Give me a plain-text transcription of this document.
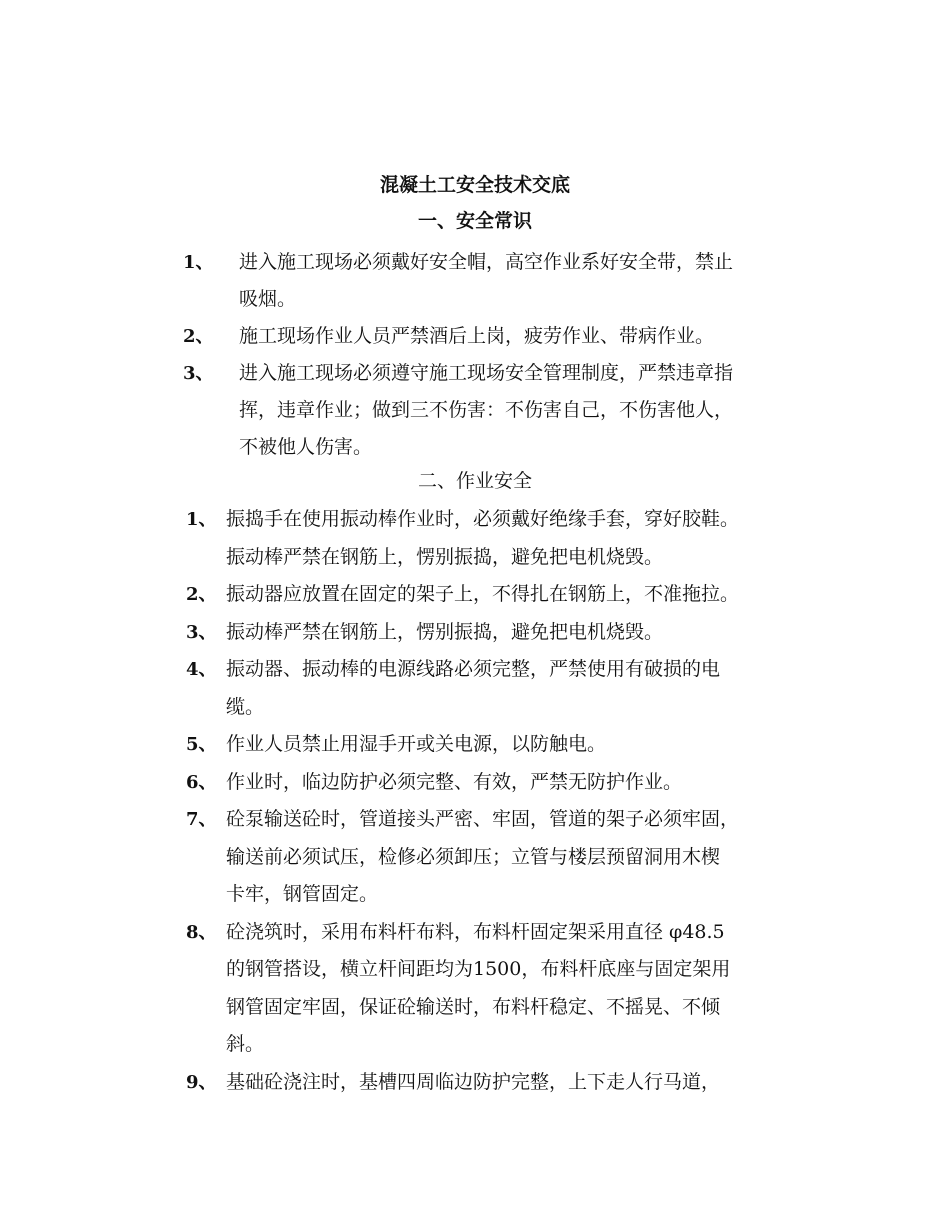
混凝土工安全技术交底
一、安全常识
1、	进入施工现场必须戴好安全帽，高空作业系好安全带，禁止
吸烟。
2、	施工现场作业人员严禁酒后上岗，疲劳作业、带病作业。
3、	进入施工现场必须遵守施工现场安全管理制度，严禁违章指
挥，违章作业；做到三不伤害：不伤害自己，不伤害他人，
不被他人伤害。
二、作业安全
1、 振捣手在使用振动棒作业时，必须戴好绝缘手套，穿好胶鞋。
振动棒严禁在钢筋上，愣别振捣，避免把电机烧毁。
2、 振动器应放置在固定的架子上，不得扎在钢筋上，不准拖拉。
3、 振动棒严禁在钢筋上，愣别振捣，避免把电机烧毁。
4、 振动器、振动棒的电源线路必须完整，严禁使用有破损的电
缆。
5、 作业人员禁止用湿手开或关电源，以防触电。
6、 作业时，临边防护必须完整、有效，严禁无防护作业。
7、 砼泵输送砼时，管道接头严密、牢固，管道的架子必须牢固，
输送前必须试压，检修必须卸压；立管与楼层预留洞用木楔
卡牢，钢管固定。
8、 砼浇筑时，采用布料杆布料，布料杆固定架采用直径 φ48.5
的钢管搭设，横立杆间距均为1500，布料杆底座与固定架用
钢管固定牢固，保证砼输送时，布料杆稳定、不摇晃、不倾
斜。
9、 基础砼浇注时，基槽四周临边防护完整，上下走人行马道，
